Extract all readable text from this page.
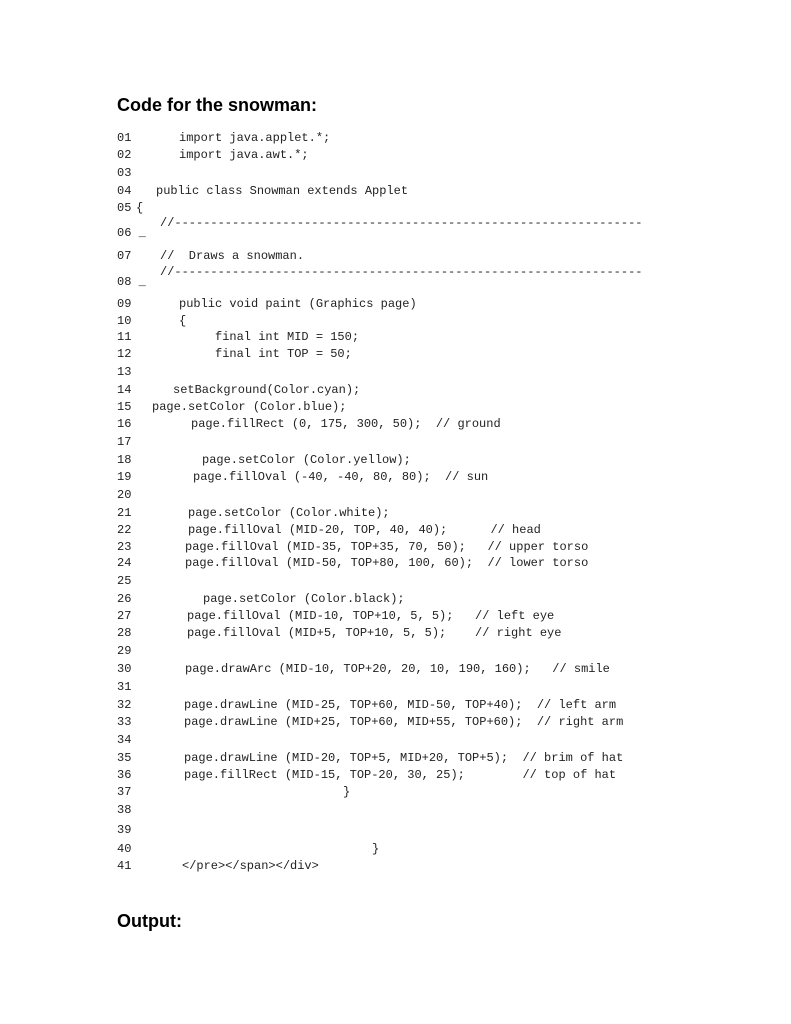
Code for the snowman:
01	import java.applet.*;
02	import java.awt.*;
03
04	public class Snowman extends Applet
05 {
06 _
//-----------------------------------------------------------------
07	//  Draws a snowman.
08 _
//-----------------------------------------------------------------
09	public void paint (Graphics page)
10	{
11	final int MID = 150;
12	final int TOP = 50;
13
14	setBackground(Color.cyan);
15	page.setColor (Color.blue);
16	page.fillRect (0, 175, 300, 50);  // ground
17
18	page.setColor (Color.yellow);
19	page.fillOval (-40, -40, 80, 80);  // sun
20
21	page.setColor (Color.white);
22	page.fillOval (MID-20, TOP, 40, 40);      // head
23	page.fillOval (MID-35, TOP+35, 70, 50);   // upper torso
24	page.fillOval (MID-50, TOP+80, 100, 60);  // lower torso
25
26	page.setColor (Color.black);
27	page.fillOval (MID-10, TOP+10, 5, 5);   // left eye
28	page.fillOval (MID+5, TOP+10, 5, 5);    // right eye
29
30	page.drawArc (MID-10, TOP+20, 20, 10, 190, 160);   // smile
31
32	page.drawLine (MID-25, TOP+60, MID-50, TOP+40);  // left arm
33	page.drawLine (MID+25, TOP+60, MID+55, TOP+60);  // right arm
34
35	page.drawLine (MID-20, TOP+5, MID+20, TOP+5);  // brim of hat
36	page.fillRect (MID-15, TOP-20, 30, 25);        // top of hat
37	}
38
39
40	}
41	</pre></span></div>
Output:
